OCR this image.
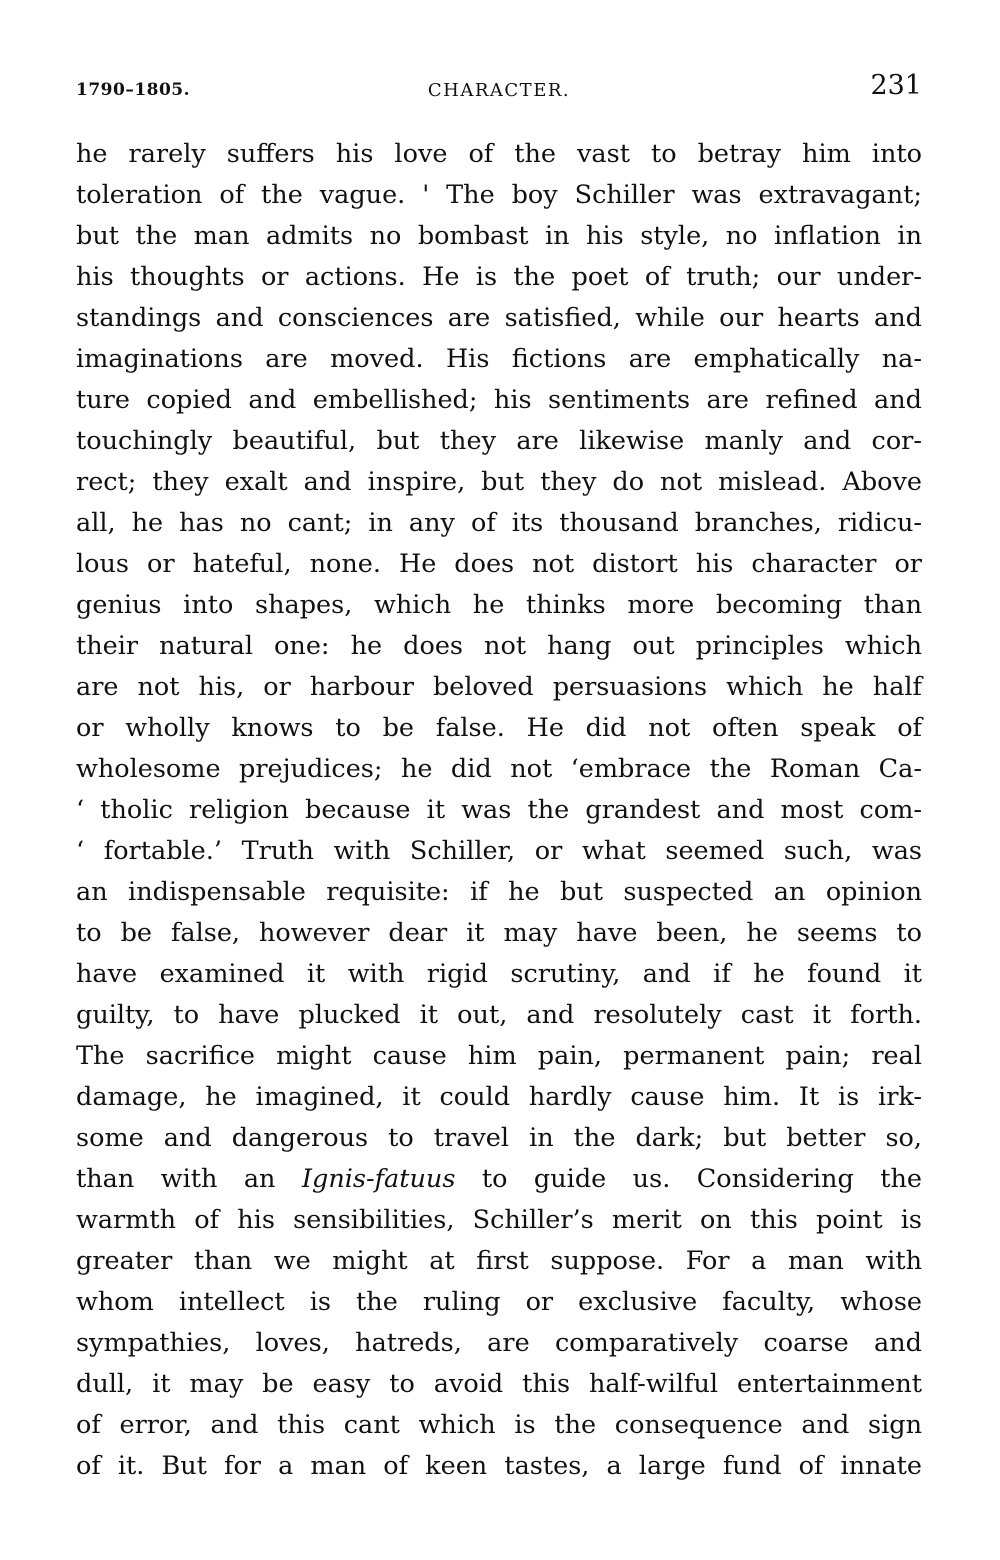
1790–1805.	CHARACTER.	231
he rarely suffers his love of the vast to betray him into
toleration of the vague. ' The boy Schiller was extravagant;
but the man admits no bombast in his style, no inflation in
his thoughts or actions. He is the poet of truth; our under-
standings and consciences are satisfied, while our hearts and
imaginations are moved. His fictions are emphatically na-
ture copied and embellished; his sentiments are refined and
touchingly beautiful, but they are likewise manly and cor-
rect; they exalt and inspire, but they do not mislead. Above
all, he has no cant; in any of its thousand branches, ridicu-
lous or hateful, none. He does not distort his character or
genius into shapes, which he thinks more becoming than
their natural one: he does not hang out principles which
are not his, or harbour beloved persuasions which he half
or wholly knows to be false. He did not often speak of
wholesome prejudices; he did not ‘embrace the Roman Ca-
‘ tholic religion because it was the grandest and most com-
‘ fortable.’ Truth with Schiller, or what seemed such, was
an indispensable requisite: if he but suspected an opinion
to be false, however dear it may have been, he seems to
have examined it with rigid scrutiny, and if he found it
guilty, to have plucked it out, and resolutely cast it forth.
The sacrifice might cause him pain, permanent pain; real
damage, he imagined, it could hardly cause him. It is irk-
some and dangerous to travel in the dark; but better so,
than with an Ignis-fatuus to guide us. Considering the
warmth of his sensibilities, Schiller’s merit on this point is
greater than we might at first suppose. For a man with
whom intellect is the ruling or exclusive faculty, whose
sympathies, loves, hatreds, are comparatively coarse and
dull, it may be easy to avoid this half-wilful entertainment
of error, and this cant which is the consequence and sign
of it. But for a man of keen tastes, a large fund of innate
